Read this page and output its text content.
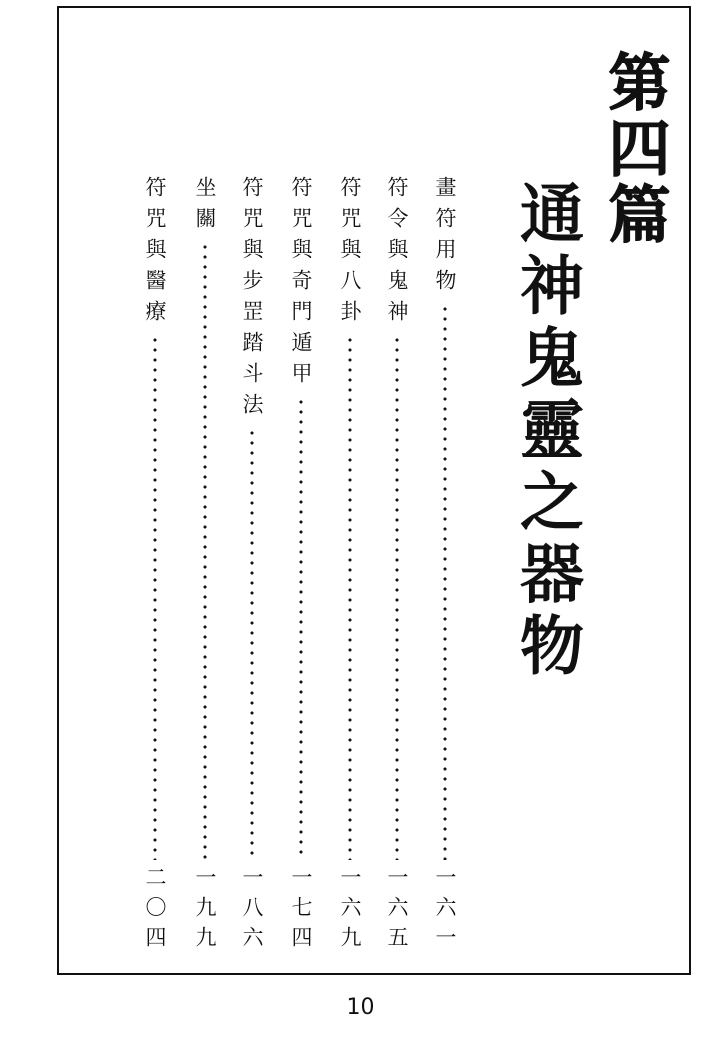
第四篇
通神鬼靈之器物
畫符用物
一六一
符令與鬼神
一六五
符咒與八卦
一六九
符咒與奇門遁甲
一七四
符咒與步罡踏斗法
一八六
坐關
一九九
符咒與醫療
二〇四
10
